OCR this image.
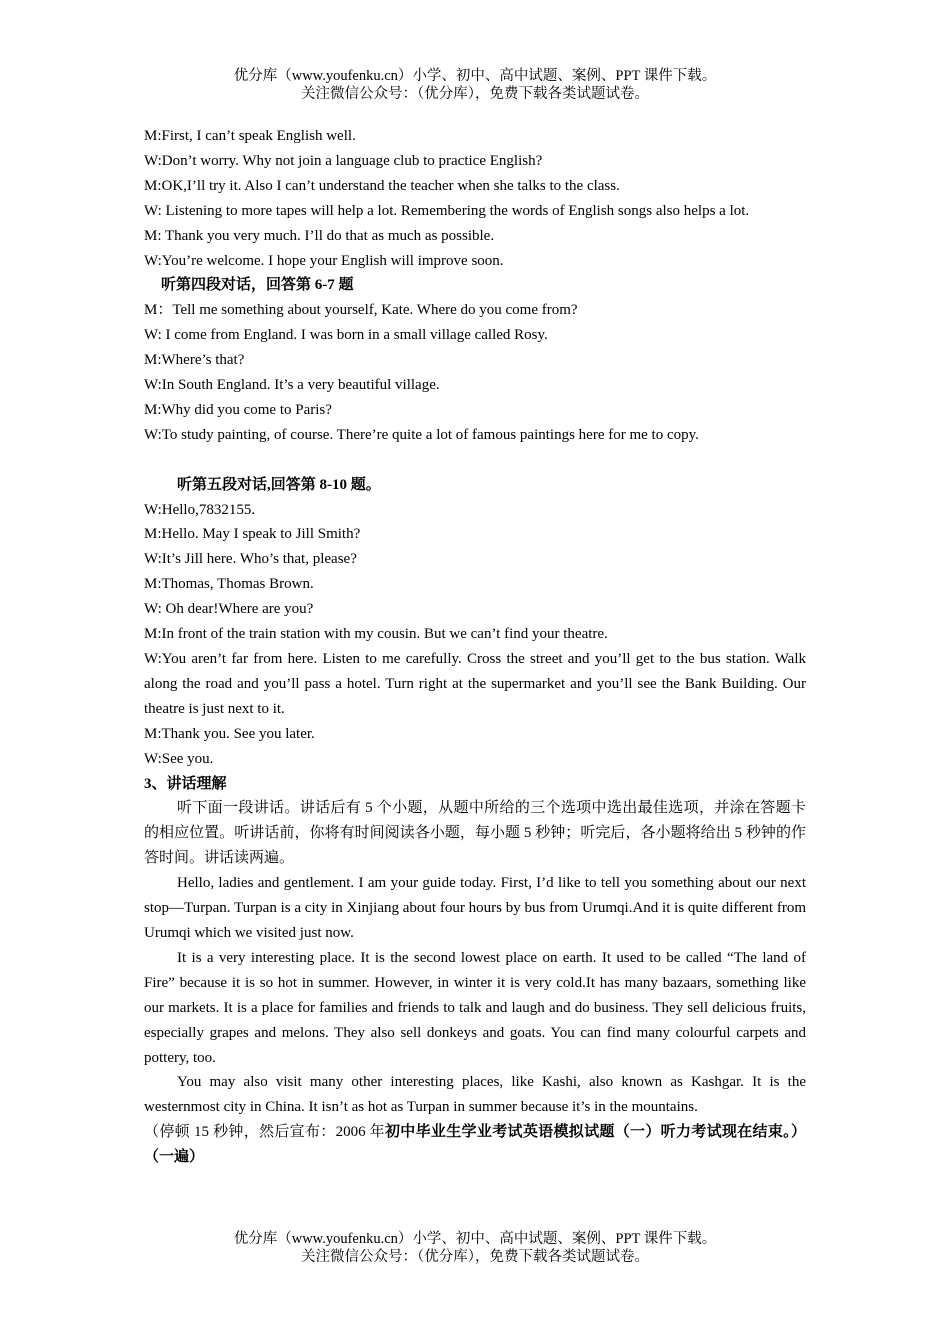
优分库（www.youfenku.cn）小学、初中、高中试题、案例、PPT 课件下载。
关注微信公众号：（优分库），免费下载各类试题试卷。
M:First, I can’t speak English well.
W:Don’t worry. Why not join a language club to practice English?
M:OK,I’ll try it. Also I can’t understand the teacher when she talks to the class.
W: Listening to more tapes will help a lot. Remembering the words of English songs also helps a lot.
M: Thank you very much. I’ll do that as much as possible.
W:You’re welcome. I hope your English will improve soon.
听第四段对话，回答第 6-7 题
M：Tell me something about yourself, Kate. Where do you come from?
W: I come from England. I was born in a small village called Rosy.
M:Where’s that?
W:In South England. It’s a very beautiful village.
M:Why did you come to Paris?
W:To study painting, of course. There’re quite a lot of famous paintings here for me to copy.
听第五段对话,回答第 8-10 题。
W:Hello,7832155.
M:Hello. May I speak to Jill Smith?
W:It’s Jill here. Who’s that, please?
M:Thomas, Thomas Brown.
W: Oh dear!Where are you?
M:In front of the train station with my cousin. But we can’t find your theatre.
W:You aren’t far from here. Listen to me carefully. Cross the street and you’ll get to the bus station. Walk along the road and you’ll pass a hotel. Turn right at the supermarket and you’ll see the Bank Building. Our theatre is just next to it.
M:Thank you. See you later.
W:See you.
3、讲话理解
听下面一段讲话。讲话后有 5 个小题，从题中所给的三个选项中选出最佳选项，并涂在答题卡的相应位置。听讲话前，你将有时间阅读各小题，每小题 5 秒钟；听完后，各小题将给出 5 秒钟的作答时间。讲话读两遍。
Hello, ladies and gentlement. I am your guide today. First, I’d like to tell you something about our next stop—Turpan. Turpan is a city in Xinjiang about four hours by bus from Urumqi.And it is quite different from Urumqi which we visited just now.
It is a very interesting place. It is the second lowest place on earth. It used to be called “The land of Fire” because it is so hot in summer. However, in winter it is very cold.It has many bazaars, something like our markets. It is a place for families and friends to talk and laugh and do business. They sell delicious fruits, especially grapes and melons. They also sell donkeys and goats. You can find many colourful carpets and pottery, too.
You may also visit many other interesting places, like Kashi, also known as Kashgar. It is the westernmost city in China. It isn’t as hot as Turpan in summer because it’s in the mountains.
（停顿 15 秒钟，然后宣布：2006 年初中毕业生学业考试英语模拟试题（一）听力考试现在结束。）（一遍）
优分库（www.youfenku.cn）小学、初中、高中试题、案例、PPT 课件下载。
关注微信公众号：（优分库），免费下载各类试题试卷。
